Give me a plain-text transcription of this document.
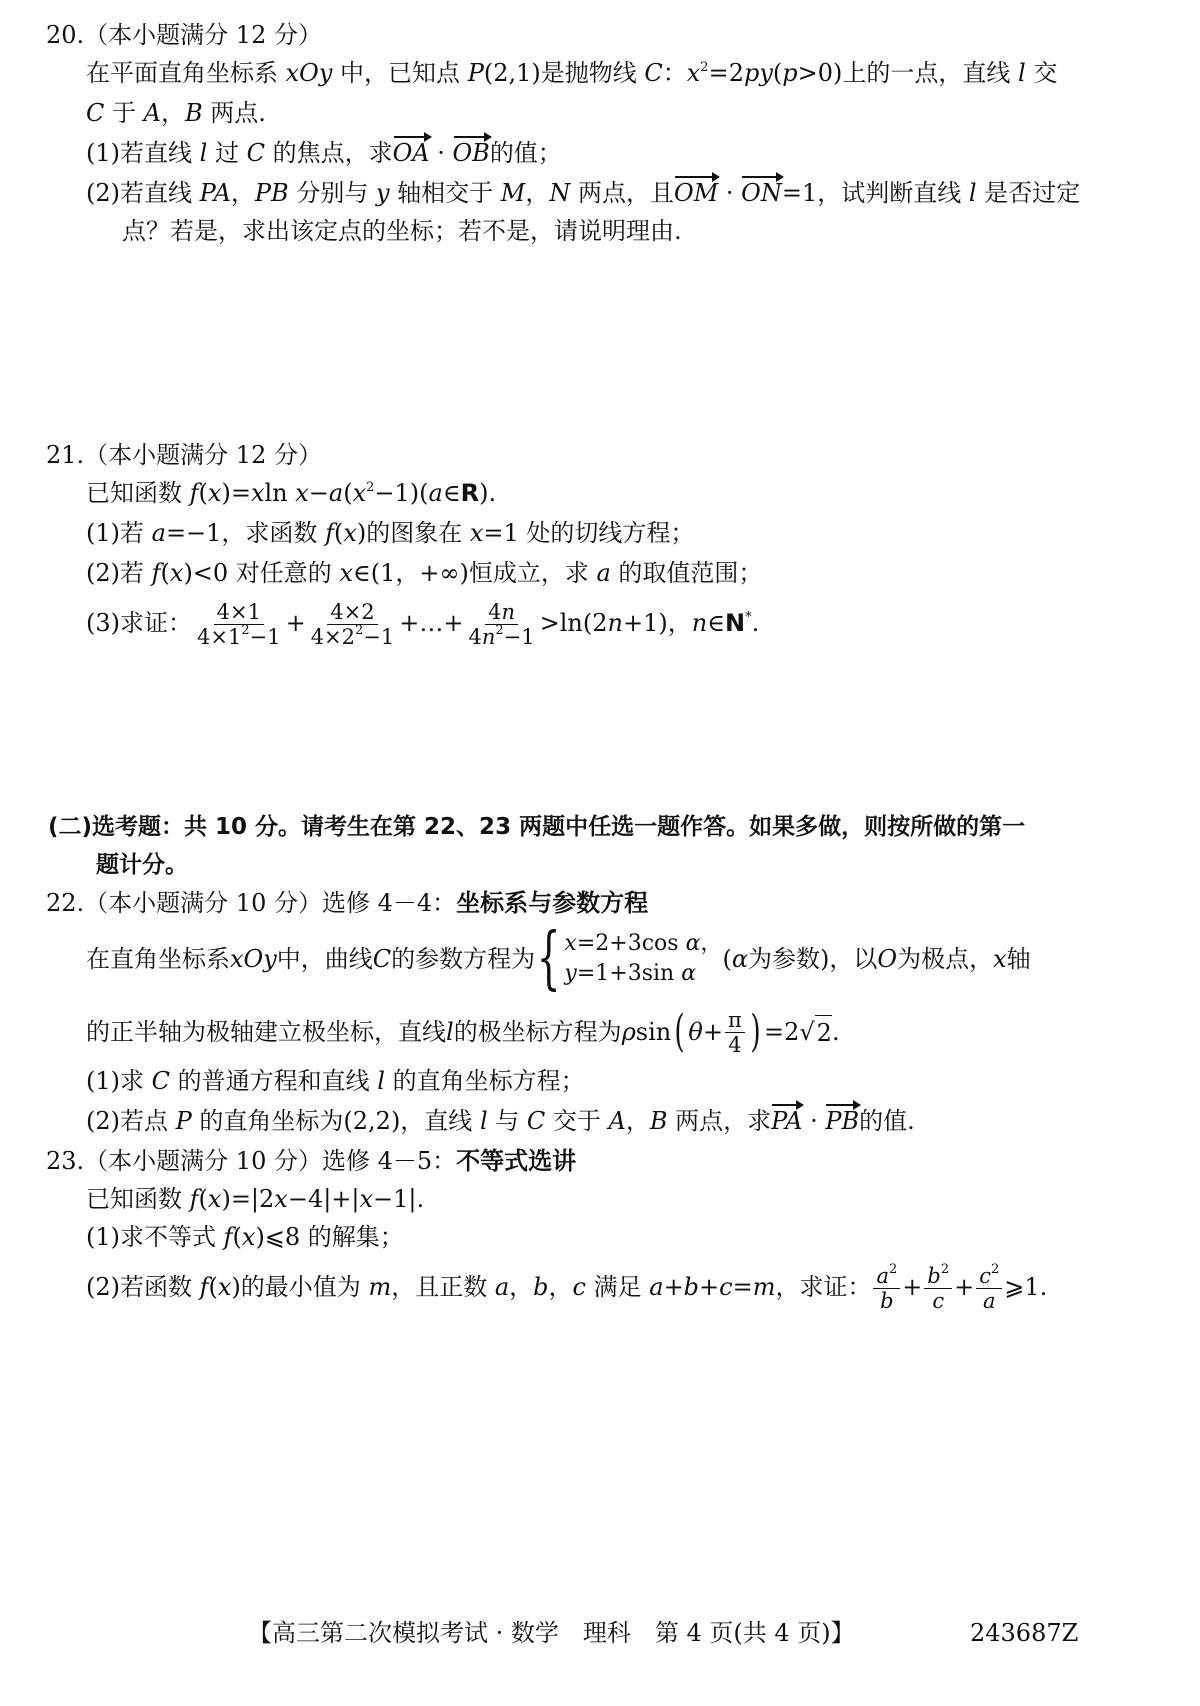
20.（本小题满分 12 分）
在平面直角坐标系 xOy 中，已知点 P(2,1)是抛物线 C：$x^2=2py(p>0)$上的一点，直线 l 交
C 于 A，B 两点.
(1)若直线 l 过 C 的焦点，求OA · OB的值；
(2)若直线 PA，PB 分别与 y 轴相交于 M，N 两点，且OM · ON=1，试判断直线 l 是否过定
点？若是，求出该定点的坐标；若不是，请说明理由.
21.（本小题满分 12 分）
已知函数 f(x)=xln $x-a(x^2-1)(a\in R)$.
(1)若 a=−1，求函数 f(x)的图象在 x=1 处的切线方程；
(2)若 f(x)<0 对任意的 x∈(1，+∞)恒成立，求 a 的取值范围；
(3)求证： $\frac{4\times 1}{4\times 1^2-1} + \frac{4\times 2}{4\times 2^2-1}$ +…+ $\frac{4n}{4n^2-1} >\ln(2n+1)$，n∈N*.
(二)选考题：共 10 分。请考生在第 22、23 两题中任选一题作答。如果多做，则按所做的第一
题计分。
22.（本小题满分 10 分）选修 4－4：坐标系与参数方程
在直角坐标系 xOy 中，曲线 C 的参数方程为 { x=2+3cos α，
y=1+3sin α
( α 为参数)，以 O 为极点， x 轴
的正半轴为极轴建立极坐标，直线 l 的极坐标方程为 ρ sin ( $\theta + \frac{\pi}{4}$ ) =2 √ 2 .
(1)求 C 的普通方程和直线 l 的直角坐标方程；
(2)若点 P 的直角坐标为(2,2)，直线 l 与 C 交于 A，B 两点，求PA · PB的值.
23.（本小题满分 10 分）选修 4－5：不等式选讲
已知函数 f(x)=|2x−4|+|x−1|.
(1)求不等式 f(x)⩽8 的解集；
(2)若函数 f(x)的最小值为 m，且正数 a，b，c 满足 a+b+c=m，求证： $\frac{a^2}{b} + \frac{b^2}{c} + \frac{c^2}{a}$ ⩾1.
【高三第二次模拟考试 · 数学　理科　第 4 页(共 4 页)】	243687Z
